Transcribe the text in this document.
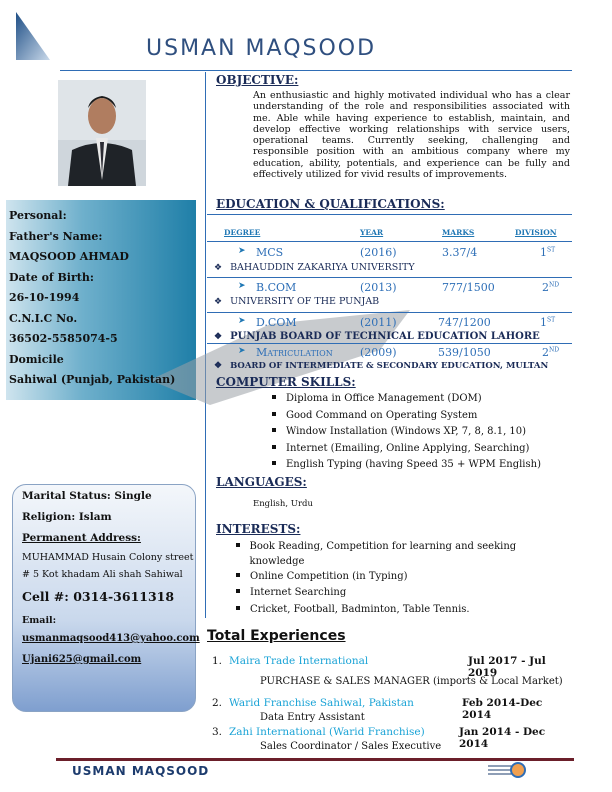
USMAN MAQSOOD
Personal:
Father's Name:
MAQSOOD AHMAD
Date of Birth:
26-10-1994
C.N.I.C No.
36502-5585074-5
Domicile
Sahiwal (Punjab, Pakistan)
Marital Status: Single
Religion: Islam
Permanent Address:
MUHAMMAD Husain Colony street
# 5 Kot khadam Ali shah Sahiwal
Cell #: 0314-3611318
Email:
usmanmaqsood413@yahoo.com
Ujani625@gmail.com
OBJECTIVE:
An enthusiastic and highly motivated individual who has a clear understanding of the role and responsibilities associated with me. Able while having experience to establish, maintain, and develop effective working relationships with service users, operational teams. Currently seeking, challenging and responsible position with an ambitious company where my education, ability, potentials, and experience can be fully and effectively utilized for vivid results of improvements.
EDUCATION & QUALIFICATIONS:
DEGREE	YEAR	MARKS	DIVISION
➤ MCS	(2016)	3.37/4	1ST
❖ BAHAUDDIN ZAKARIYA UNIVERSITY
➤ B.COM	(2013)	777/1500	2ND
❖ UNIVERSITY OF THE PUNJAB
➤ D.COM	(2011)	747/1200	1ST
❖ PUNJAB BOARD OF TECHNICAL EDUCATION LAHORE
➤ Matriculation (2009)	539/1050	2ND
❖ BOARD OF INTERMEDIATE & SECONDARY EDUCATION, MULTAN
COMPUTER SKILLS:
Diploma in Office Management (DOM)
Good Command on Operating System
Window Installation (Windows XP, 7, 8, 8.1, 10)
Internet (Emailing, Online Applying, Searching)
English Typing (having Speed 35 + WPM English)
LANGUAGES:
English, Urdu
INTERESTS:
Book Reading, Competition for learning and seeking knowledge
Online Competition (in Typing)
Internet Searching
Cricket, Football, Badminton, Table Tennis.
Total Experiences
1. Maira Trade International	Jul 2017 - Jul 2019
PURCHASE & SALES MANAGER (imports & Local Market)
2. Warid Franchise Sahiwal, Pakistan	Feb 2014-Dec 2014
Data Entry Assistant
3. Zahi International (Warid Franchise)	Jan 2014 - Dec 2014
Sales Coordinator / Sales Executive
USMAN MAQSOOD
